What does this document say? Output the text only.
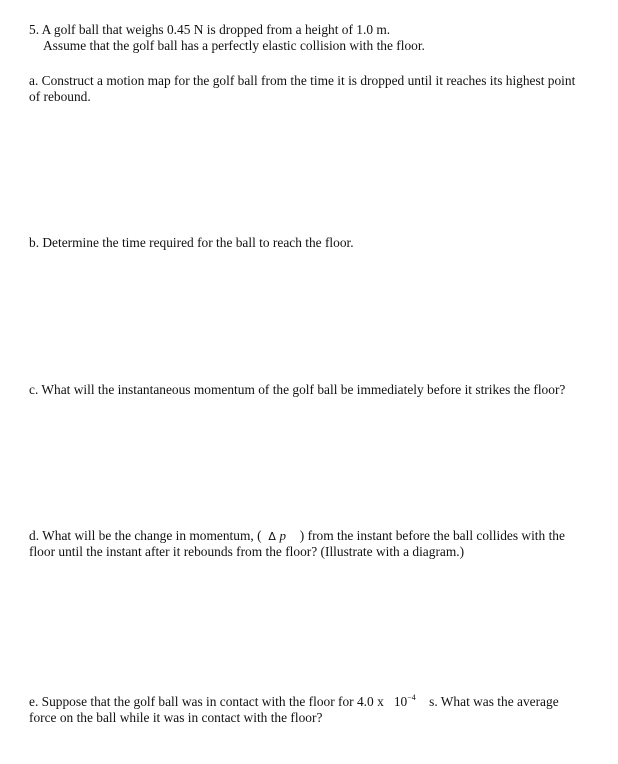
5. A golf ball that weighs 0.45 N is dropped from a height of 1.0 m.
Assume that the golf ball has a perfectly elastic collision with the floor.
a. Construct a motion map for the golf ball from the time it is dropped until it reaches its highest point
of rebound.
b. Determine the time required for the ball to reach the floor.
c. What will the instantaneous momentum of the golf ball be immediately before it strikes the floor?
d. What will be the change in momentum, ( Δ p ) from the instant before the ball collides with the
floor until the instant after it rebounds from the floor? (Illustrate with a diagram.)
e. Suppose that the golf ball was in contact with the floor for 4.0 x $10^{-4}$ s. What was the average
force on the ball while it was in contact with the floor?
